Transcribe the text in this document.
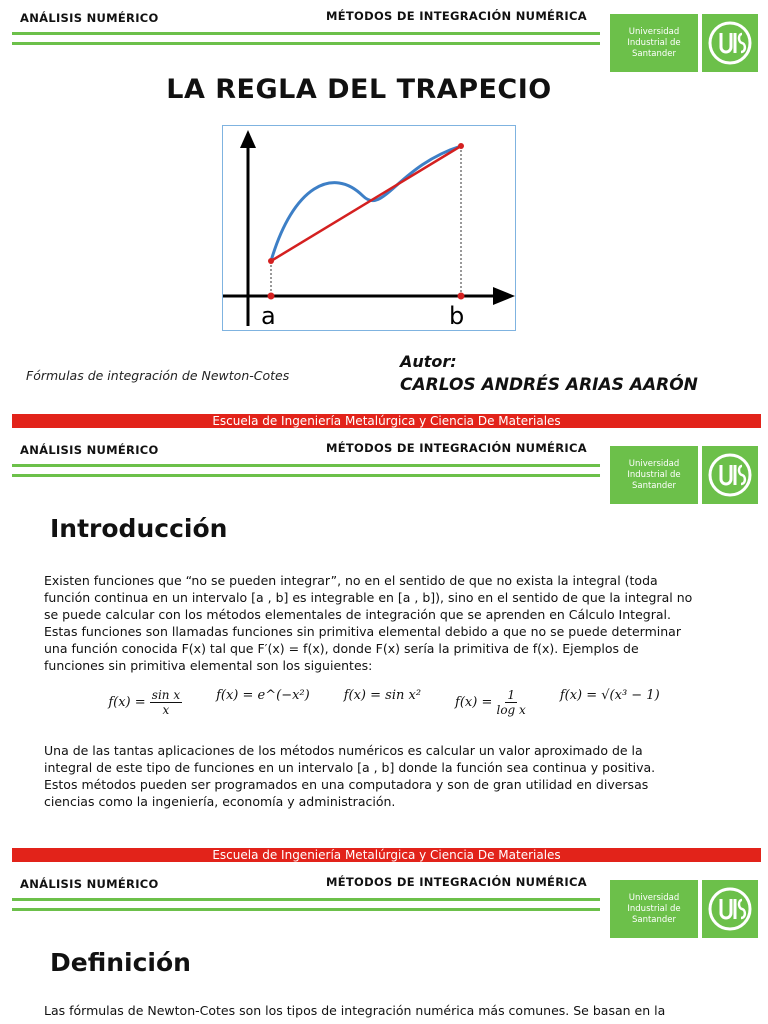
ANÁLISIS NUMÉRICO	MÉTODOS DE INTEGRACIÓN NUMÉRICA
Universidad
Industrial de
Santander
LA REGLA DEL TRAPECIO
a	b
Fórmulas de integración de Newton-Cotes
Autor:
CARLOS ANDRÉS ARIAS AARÓN
Escuela de Ingeniería Metalúrgica y Ciencia De Materiales
ANÁLISIS NUMÉRICO	MÉTODOS DE INTEGRACIÓN NUMÉRICA
Universidad
Industrial de
Santander
Introducción
Existen funciones que “no se pueden integrar”, no en el sentido de que no exista la integral (toda
función continua en un intervalo [a , b] es integrable en [a , b]), sino en el sentido de que la integral no
se puede calcular con los métodos elementales de integración que se aprenden en Cálculo Integral.
Estas funciones son llamadas funciones sin primitiva elemental debido a que no se puede determinar
una función conocida F(x) tal que F′(x) = f(x), donde F(x) sería la primitiva de f(x). Ejemplos de
funciones sin primitiva elemental son los siguientes:
$f(x) = \frac{\text{sin x}}{x}$	f(x) = e^(−x²)	f(x) = sin x²	$f(x) = \frac{1}{\text{log x}}$	f(x) = √(x³ − 1)
Una de las tantas aplicaciones de los métodos numéricos es calcular un valor aproximado de la
integral de este tipo de funciones en un intervalo [a , b] donde la función sea continua y positiva.
Estos métodos pueden ser programados en una computadora y son de gran utilidad en diversas
ciencias como la ingeniería, economía y administración.
Escuela de Ingeniería Metalúrgica y Ciencia De Materiales
ANÁLISIS NUMÉRICO	MÉTODOS DE INTEGRACIÓN NUMÉRICA
Universidad
Industrial de
Santander
Definición
Las fórmulas de Newton-Cotes son los tipos de integración numérica más comunes. Se basan en la
